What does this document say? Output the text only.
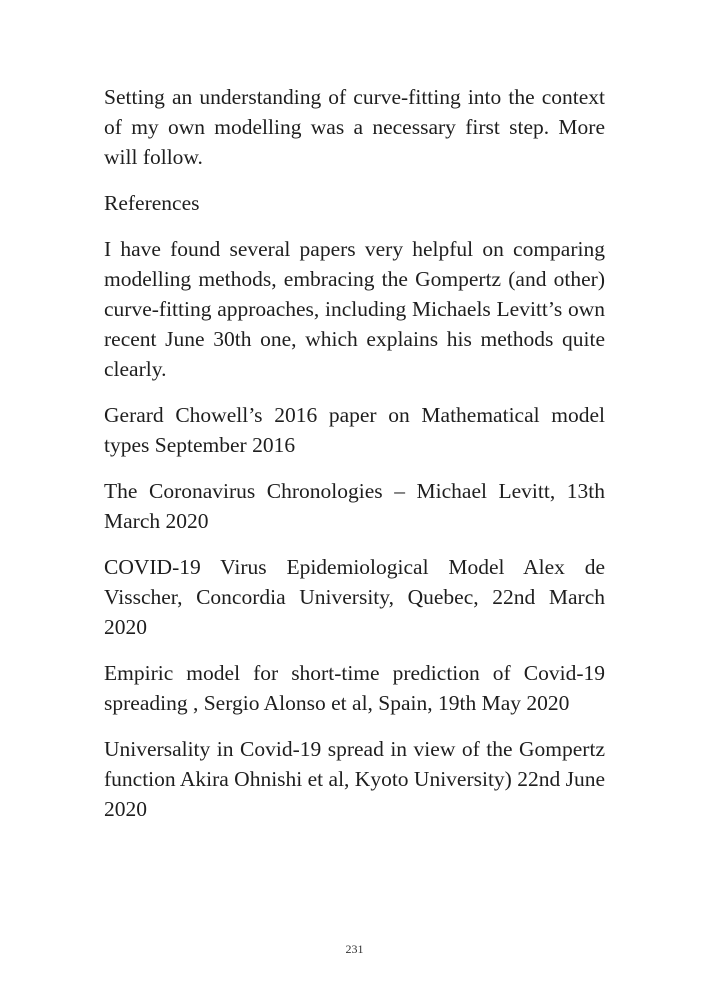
Setting an understanding of curve-fitting into the context of my own modelling was a necessary first step. More will follow.

References

I have found several papers very helpful on comparing modelling methods, embracing the Gompertz (and other) curve-fitting approaches, including Michaels Levitt’s own recent June 30th one, which explains his methods quite clearly.

Gerard Chowell’s 2016 paper on Mathematical model types September 2016

The Coronavirus Chronologies – Michael Levitt, 13th March 2020

COVID-19 Virus Epidemiological Model Alex de Visscher, Concordia University, Quebec, 22nd March 2020

Empiric model for short-time prediction of Covid-19 spreading , Sergio Alonso et al, Spain, 19th May 2020

Universality in Covid-19 spread in view of the Gompertz function Akira Ohnishi et al, Kyoto University) 22nd June 2020

231
